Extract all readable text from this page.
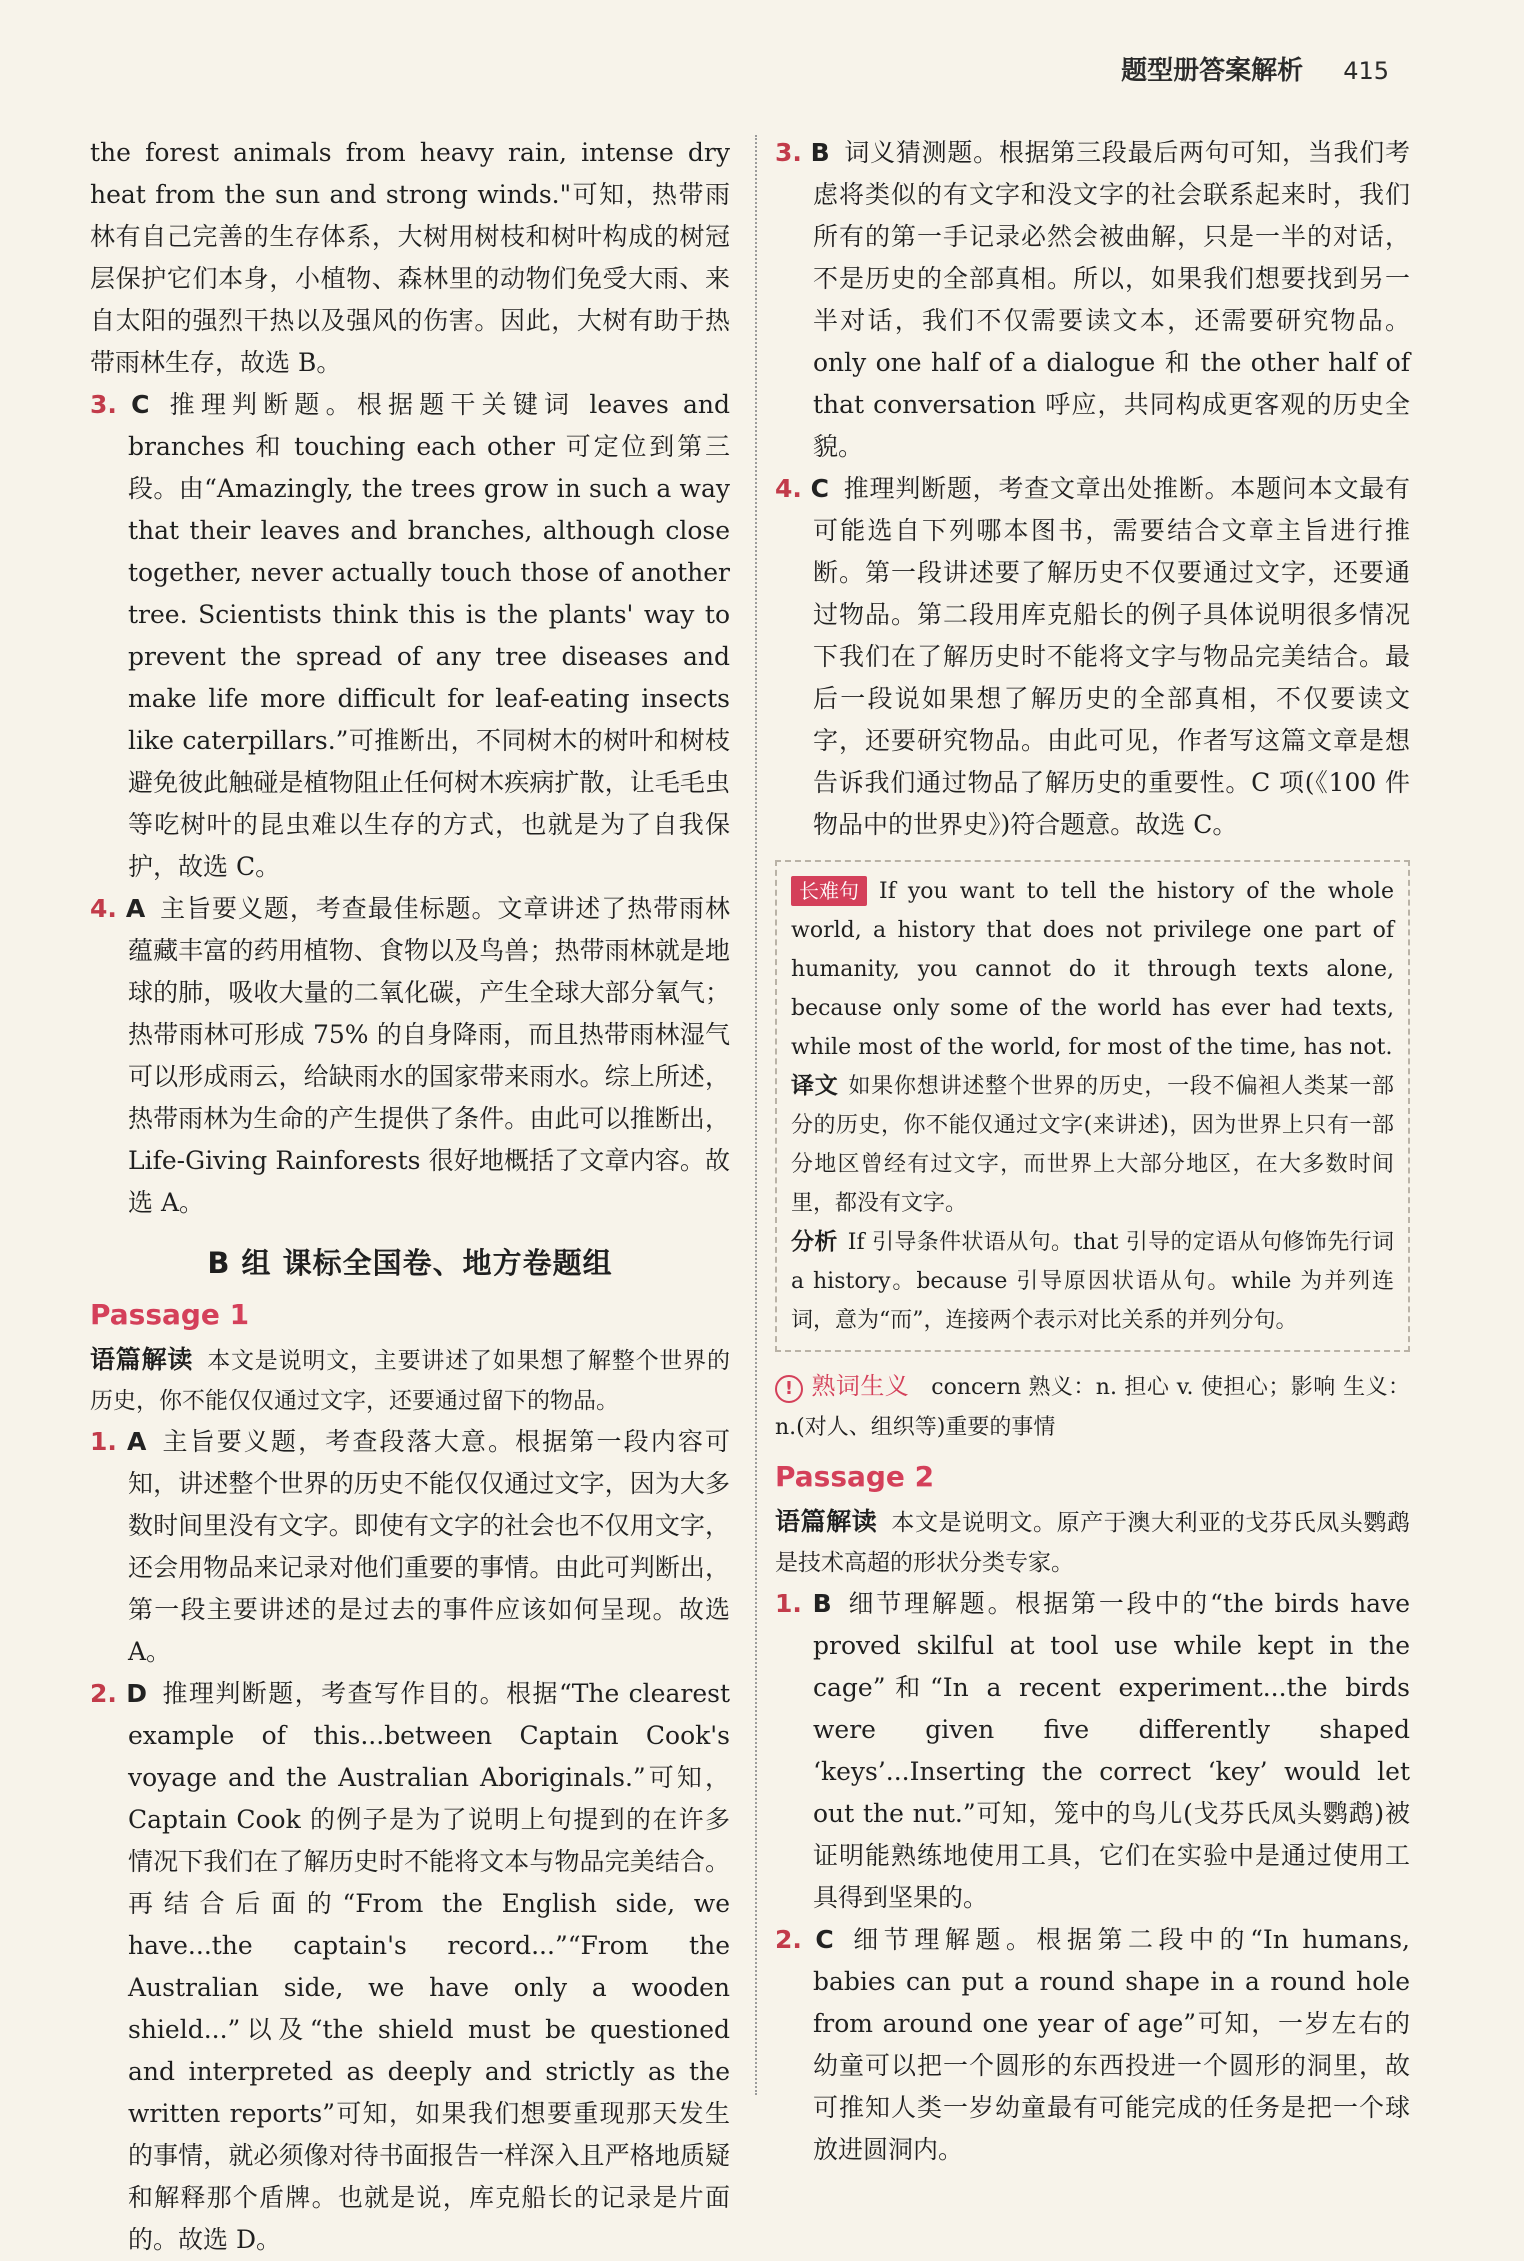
题型册答案解析 415

the forest animals from heavy rain, intense dry heat from the sun and strong winds."可知，热带雨林有自己完善的生存体系，大树用树枝和树叶构成的树冠层保护它们本身，小植物、森林里的动物们免受大雨、来自太阳的强烈干热以及强风的伤害。因此，大树有助于热带雨林生存，故选 B。

3. C 推理判断题。根据题干关键词 leaves and branches 和 touching each other 可定位到第三段。由“Amazingly, the trees grow in such a way that their leaves and branches, although close together, never actually touch those of another tree. Scientists think this is the plants' way to prevent the spread of any tree diseases and make life more difficult for leaf-eating insects like caterpillars.”可推断出，不同树木的树叶和树枝避免彼此触碰是植物阻止任何树木疾病扩散，让毛毛虫等吃树叶的昆虫难以生存的方式，也就是为了自我保护，故选 C。

4. A 主旨要义题，考查最佳标题。文章讲述了热带雨林蕴藏丰富的药用植物、食物以及鸟兽；热带雨林就是地球的肺，吸收大量的二氧化碳，产生全球大部分氧气；热带雨林可形成 75% 的自身降雨，而且热带雨林湿气可以形成雨云，给缺雨水的国家带来雨水。综上所述，热带雨林为生命的产生提供了条件。由此可以推断出，Life-Giving Rainforests 很好地概括了文章内容。故选 A。

B 组 课标全国卷、地方卷题组
Passage 1

语篇解读 本文是说明文，主要讲述了如果想了解整个世界的历史，你不能仅仅通过文字，还要通过留下的物品。

1. A 主旨要义题，考查段落大意。根据第一段内容可知，讲述整个世界的历史不能仅仅通过文字，因为大多数时间里没有文字。即使有文字的社会也不仅用文字，还会用物品来记录对他们重要的事情。由此可判断出，第一段主要讲述的是过去的事件应该如何呈现。故选 A。

2. D 推理判断题，考查写作目的。根据“The clearest example of this...between Captain Cook's voyage and the Australian Aboriginals.”可知，Captain Cook 的例子是为了说明上句提到的在许多情况下我们在了解历史时不能将文本与物品完美结合。再结合后面的“From the English side, we have...the captain's record...”“From the Australian side, we have only a wooden shield...”以及“the shield must be questioned and interpreted as deeply and strictly as the written reports”可知，如果我们想要重现那天发生的事情，就必须像对待书面报告一样深入且严格地质疑和解释那个盾牌。也就是说，库克船长的记录是片面的。故选 D。

3. B 词义猜测题。根据第三段最后两句可知，当我们考虑将类似的有文字和没文字的社会联系起来时，我们所有的第一手记录必然会被曲解，只是一半的对话，不是历史的全部真相。所以，如果我们想要找到另一半对话，我们不仅需要读文本，还需要研究物品。only one half of a dialogue 和 the other half of that conversation 呼应，共同构成更客观的历史全貌。

4. C 推理判断题，考查文章出处推断。本题问本文最有可能选自下列哪本图书，需要结合文章主旨进行推断。第一段讲述要了解历史不仅要通过文字，还要通过物品。第二段用库克船长的例子具体说明很多情况下我们在了解历史时不能将文字与物品完美结合。最后一段说如果想了解历史的全部真相，不仅要读文字，还要研究物品。由此可见，作者写这篇文章是想告诉我们通过物品了解历史的重要性。C 项(《100 件物品中的世界史》)符合题意。故选 C。

长难句 If you want to tell the history of the whole world, a history that does not privilege one part of humanity, you cannot do it through texts alone, because only some of the world has ever had texts, while most of the world, for most of the time, has not.

译文 如果你想讲述整个世界的历史，一段不偏袒人类某一部分的历史，你不能仅通过文字(来讲述)，因为世界上只有一部分地区曾经有过文字，而世界上大部分地区，在大多数时间里，都没有文字。

分析 If 引导条件状语从句。that 引导的定语从句修饰先行词 a history。because 引导原因状语从句。while 为并列连词，意为“而”，连接两个表示对比关系的并列分句。

! 熟词生义 concern 熟义：n. 担心 v. 使担心；影响 生义：n.(对人、组织等)重要的事情

Passage 2

语篇解读 本文是说明文。原产于澳大利亚的戈芬氏凤头鹦鹉是技术高超的形状分类专家。

1. B 细节理解题。根据第一段中的“the birds have proved skilful at tool use while kept in the cage”和“In a recent experiment...the birds were given five differently shaped ‘keys’...Inserting the correct ‘key’ would let out the nut.”可知，笼中的鸟儿(戈芬氏凤头鹦鹉)被证明能熟练地使用工具，它们在实验中是通过使用工具得到坚果的。

2. C 细节理解题。根据第二段中的“In humans, babies can put a round shape in a round hole from around one year of age”可知，一岁左右的幼童可以把一个圆形的东西投进一个圆形的洞里，故可推知人类一岁幼童最有可能完成的任务是把一个球放进圆洞内。
